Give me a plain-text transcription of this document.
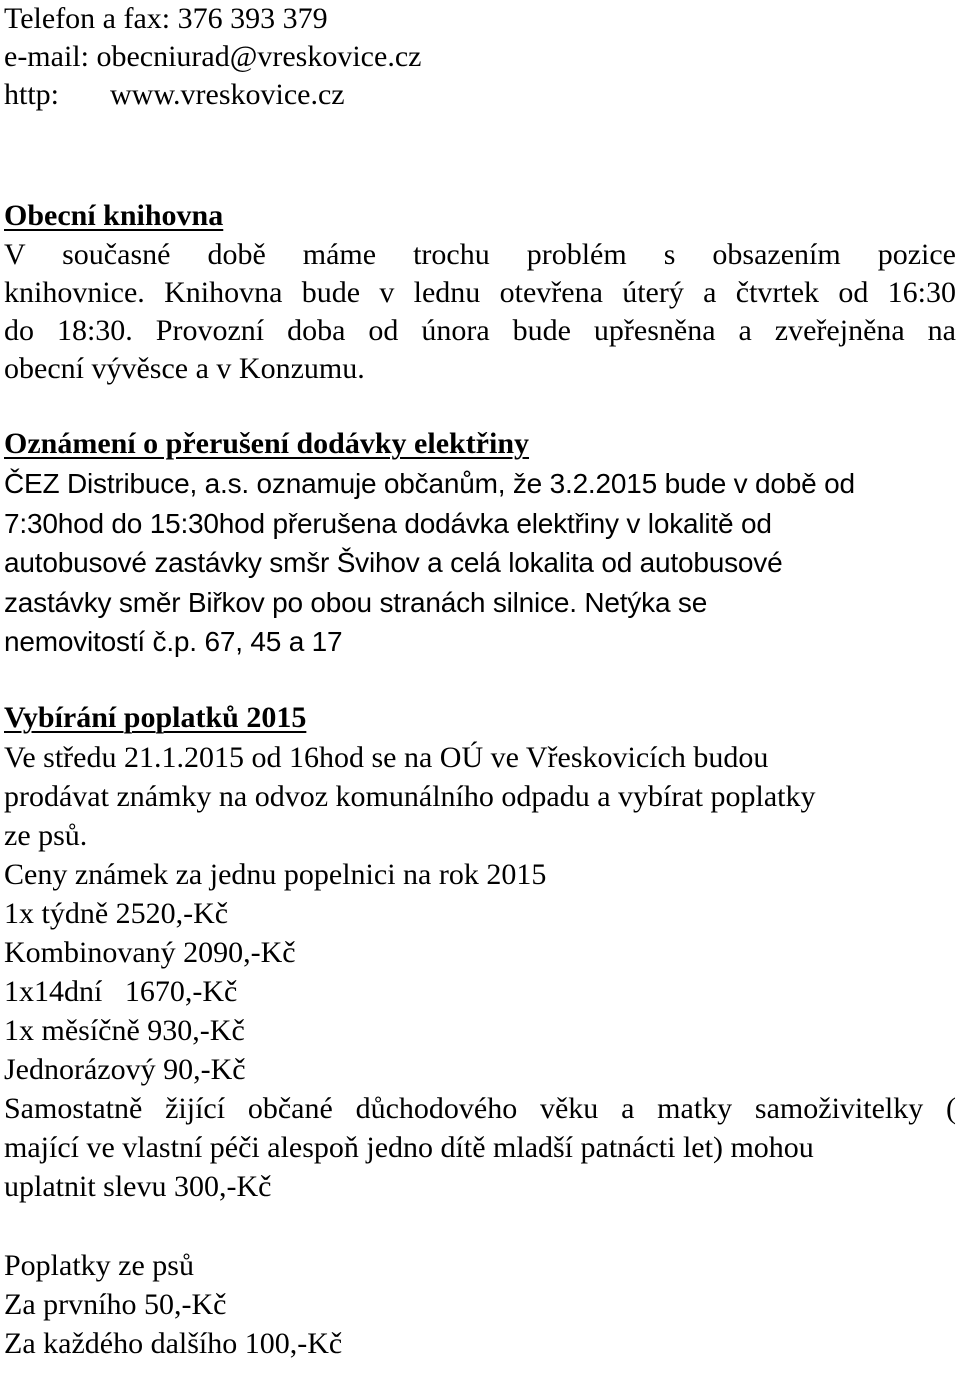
Telefon a fax: 376 393 379
e-mail: obecniurad@vreskovice.cz
http: www.vreskovice.cz
Obecní knihovna
V současné době máme trochu problém s obsazením pozice
knihovnice. Knihovna bude v lednu otevřena úterý a čtvrtek od 16:30
do 18:30. Provozní doba od února bude upřesněna a zveřejněna na
obecní vývěsce a v Konzumu.
Oznámení o přerušení dodávky elektřiny
ČEZ Distribuce, a.s. oznamuje občanům, že 3.2.2015 bude v době od
7:30hod do 15:30hod přerušena dodávka elektřiny v lokalitě od
autobusové zastávky smšr Švihov a celá lokalita od autobusové
zastávky směr Biřkov po obou stranách silnice. Netýka se
nemovitostí č.p. 67, 45 a 17
Vybírání poplatků 2015
Ve středu 21.1.2015 od 16hod se na OÚ ve Vřeskovicích budou
prodávat známky na odvoz komunálního odpadu a vybírat poplatky
ze psů.
Ceny známek za jednu popelnici na rok 2015
1x týdně 2520,-Kč
Kombinovaný 2090,-Kč
1x14dní   1670,-Kč
1x měsíčně 930,-Kč
Jednorázový 90,-Kč
Samostatně žijící občané důchodového věku a matky samoživitelky (
mající ve vlastní péči alespoň jedno dítě mladší patnácti let) mohou
uplatnit slevu 300,-Kč
Poplatky ze psů
Za prvního 50,-Kč
Za každého dalšího 100,-Kč
